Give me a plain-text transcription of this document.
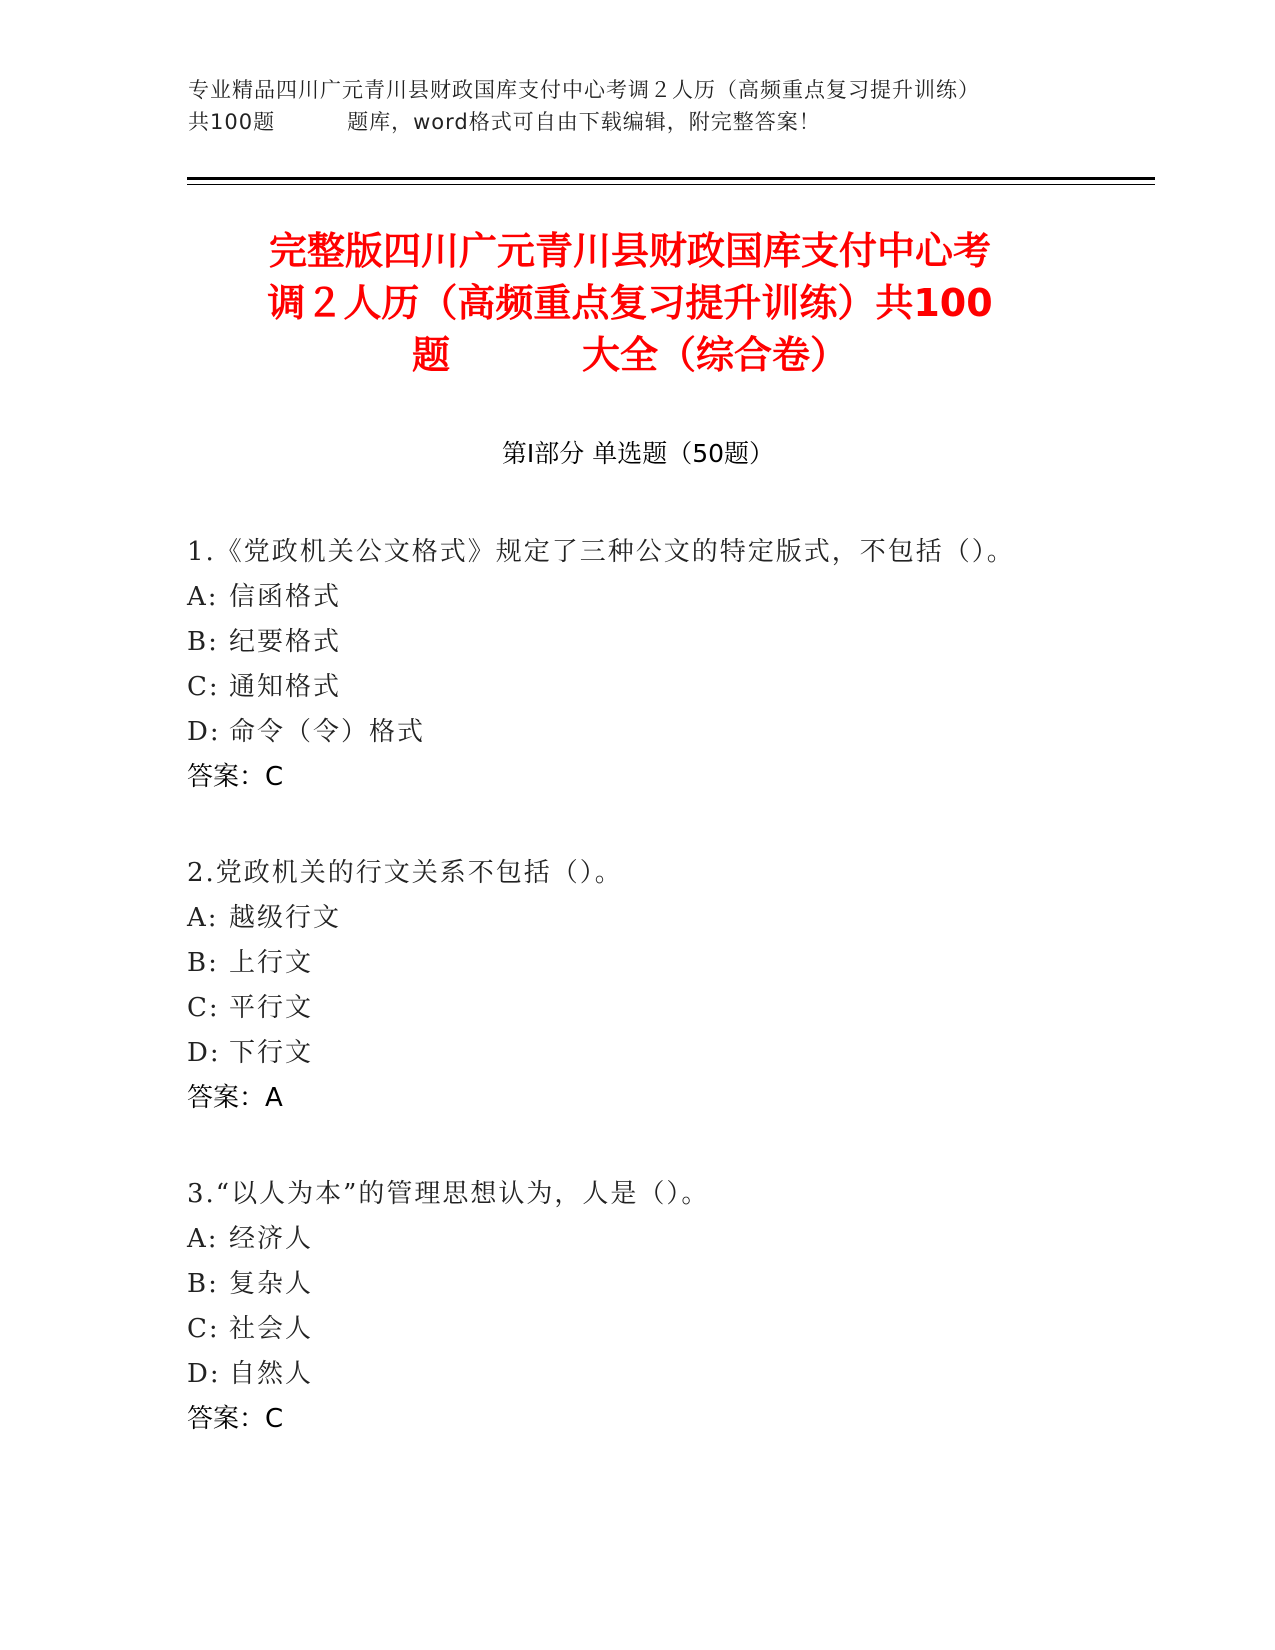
专业精品四川广元青川县财政国库支付中心考调２人历（高频重点复习提升训练）
共100题	题库，word格式可自由下载编辑，附完整答案！
完整版四川广元青川县财政国库支付中心考
调２人历（高频重点复习提升训练）共100
题	大全（综合卷）
第Ⅰ部分 单选题（50题）
1.《党政机关公文格式》规定了三种公文的特定版式，不包括（）。
A: 信函格式
B: 纪要格式
C: 通知格式
D: 命令（令）格式
答案：C
2.党政机关的行文关系不包括（）。
A: 越级行文
B: 上行文
C: 平行文
D: 下行文
答案：A
3.“以人为本”的管理思想认为，人是（）。
A: 经济人
B: 复杂人
C: 社会人
D: 自然人
答案：C
